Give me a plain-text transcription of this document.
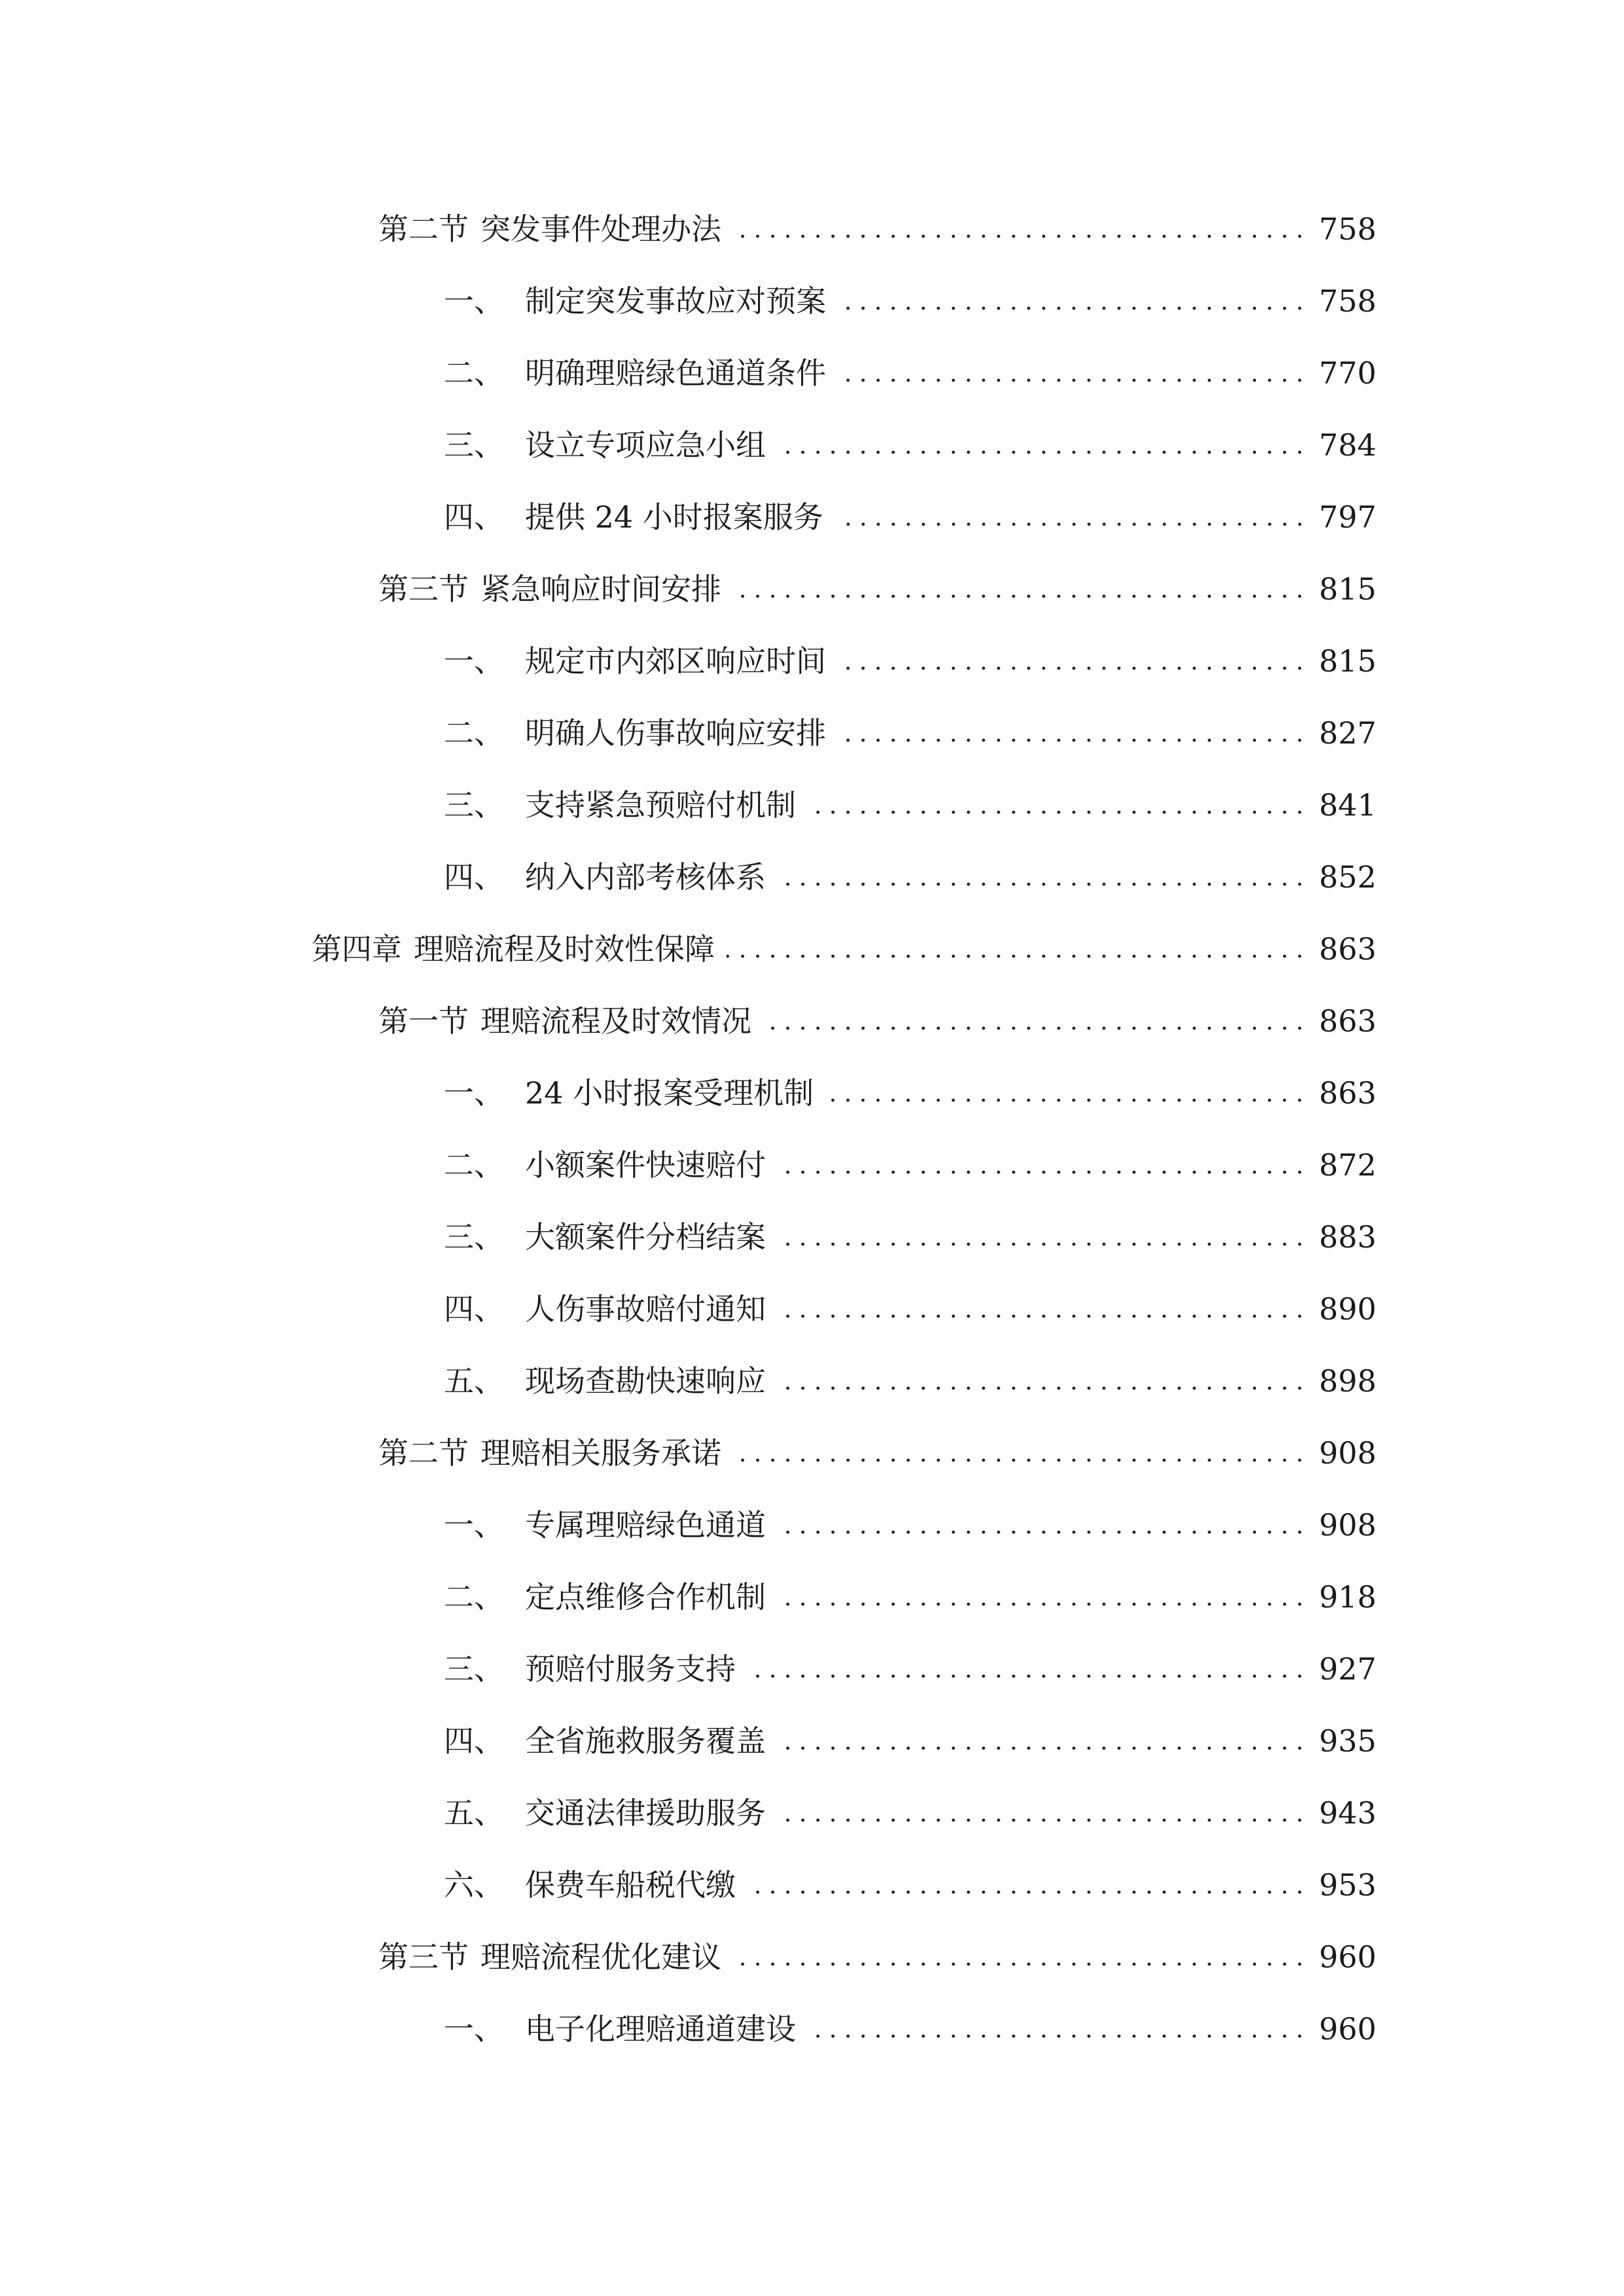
第二节 突发事件处理办法	758
一、 制定突发事故应对预案	758
二、 明确理赔绿色通道条件	770
三、 设立专项应急小组	784
四、 提供 24 小时报案服务	797
第三节 紧急响应时间安排	815
一、 规定市内郊区响应时间	815
二、 明确人伤事故响应安排	827
三、 支持紧急预赔付机制	841
四、 纳入内部考核体系	852
第四章 理赔流程及时效性保障	863
第一节 理赔流程及时效情况	863
一、 24 小时报案受理机制	863
二、 小额案件快速赔付	872
三、 大额案件分档结案	883
四、 人伤事故赔付通知	890
五、 现场查勘快速响应	898
第二节 理赔相关服务承诺	908
一、 专属理赔绿色通道	908
二、 定点维修合作机制	918
三、 预赔付服务支持	927
四、 全省施救服务覆盖	935
五、 交通法律援助服务	943
六、 保费车船税代缴	953
第三节 理赔流程优化建议	960
一、 电子化理赔通道建设	960
